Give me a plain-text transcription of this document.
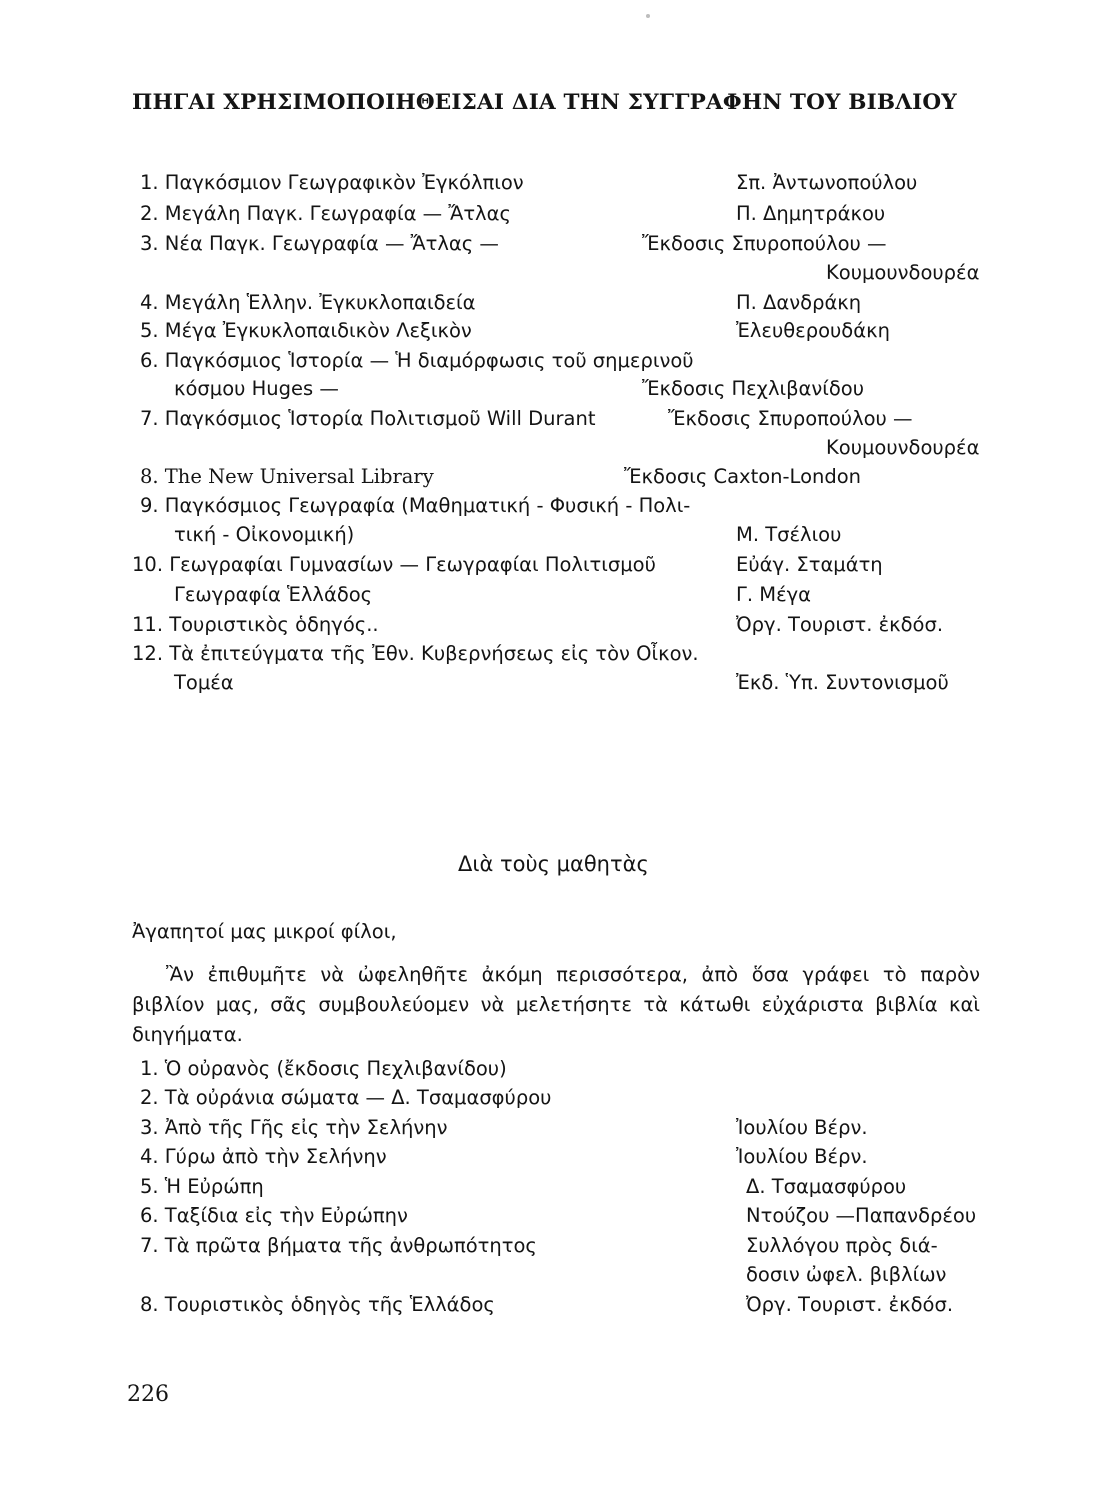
ΠΗΓΑΙ ΧΡΗΣΙΜΟΠΟΙΗΘΕΙΣΑΙ ΔΙΑ ΤΗΝ ΣΥΓΓΡΑΦΗΝ ΤΟΥ ΒΙΒΛΙΟΥ
1. Παγκόσμιον Γεωγραφικὸν Ἐγκόλπιον	Σπ. Ἀντωνοπούλου
2. Μεγάλη Παγκ. Γεωγραφία — Ἄτλας	Π. Δημητράκου
3. Νέα Παγκ. Γεωγραφία — Ἄτλας —	Ἔκδοσις Σπυροπούλου —
Κουμουνδουρέα
4. Μεγάλη Ἑλλην. Ἐγκυκλοπαιδεία	Π. Δανδράκη
5. Μέγα Ἐγκυκλοπαιδικὸν Λεξικὸν	Ἐλευθερουδάκη
6. Παγκόσμιος Ἱστορία — Ἡ διαμόρφωσις τοῦ σημερινοῦ
κόσμου Huges —	Ἔκδοσις Πεχλιβανίδου
7. Παγκόσμιος Ἱστορία Πολιτισμοῦ Will Durant	Ἔκδοσις Σπυροπούλου —
Κουμουνδουρέα
8. The New Universal Library	Ἔκδοσις Caxton-London
9. Παγκόσμιος Γεωγραφία (Μαθηματική - Φυσική - Πολι-
τική - Οἰκονομική)	Μ. Τσέλιου
10. Γεωγραφίαι Γυμνασίων — Γεωγραφίαι Πολιτισμοῦ	Εὐάγ. Σταμάτη
Γεωγραφία Ἑλλάδος	Γ. Μέγα
11. Τουριστικὸς ὁδηγός..	Ὀργ. Τουριστ. ἐκδόσ.
12. Τὰ ἐπιτεύγματα τῆς Ἐθν. Κυβερνήσεως εἰς τὸν Οἶκον.
Τομέα	Ἐκδ. Ὑπ. Συντονισμοῦ
Διὰ τοὺς μαθητὰς
Ἀγαπητοί μας μικροί φίλοι,
Ἂν ἐπιθυμῆτε νὰ ὠφεληθῆτε ἀκόμη περισσότερα, ἀπὸ ὅσα γράφει τὸ παρὸν
βιβλίον μας, σᾶς συμβουλεύομεν νὰ μελετήσητε τὰ κάτωθι εὐχάριστα βιβλία καὶ
διηγήματα.
1. Ὁ οὐρανὸς (ἔκδοσις Πεχλιβανίδου)
2. Τὰ οὐράνια σώματα — Δ. Τσαμασφύρου
3. Ἀπὸ τῆς Γῆς εἰς τὴν Σελήνην	Ἰουλίου Βέρν.
4. Γύρω ἀπὸ τὴν Σελήνην	Ἰουλίου Βέρν.
5. Ἡ Εὐρώπη	Δ. Τσαμασφύρου
6. Ταξίδια εἰς τὴν Εὐρώπην	Ντούζου —Παπανδρέου
7. Τὰ πρῶτα βήματα τῆς ἀνθρωπότητος	Συλλόγου πρὸς διά-
δοσιν ὠφελ. βιβλίων
8. Τουριστικὸς ὁδηγὸς τῆς Ἑλλάδος	Ὀργ. Τουριστ. ἐκδόσ.
226
